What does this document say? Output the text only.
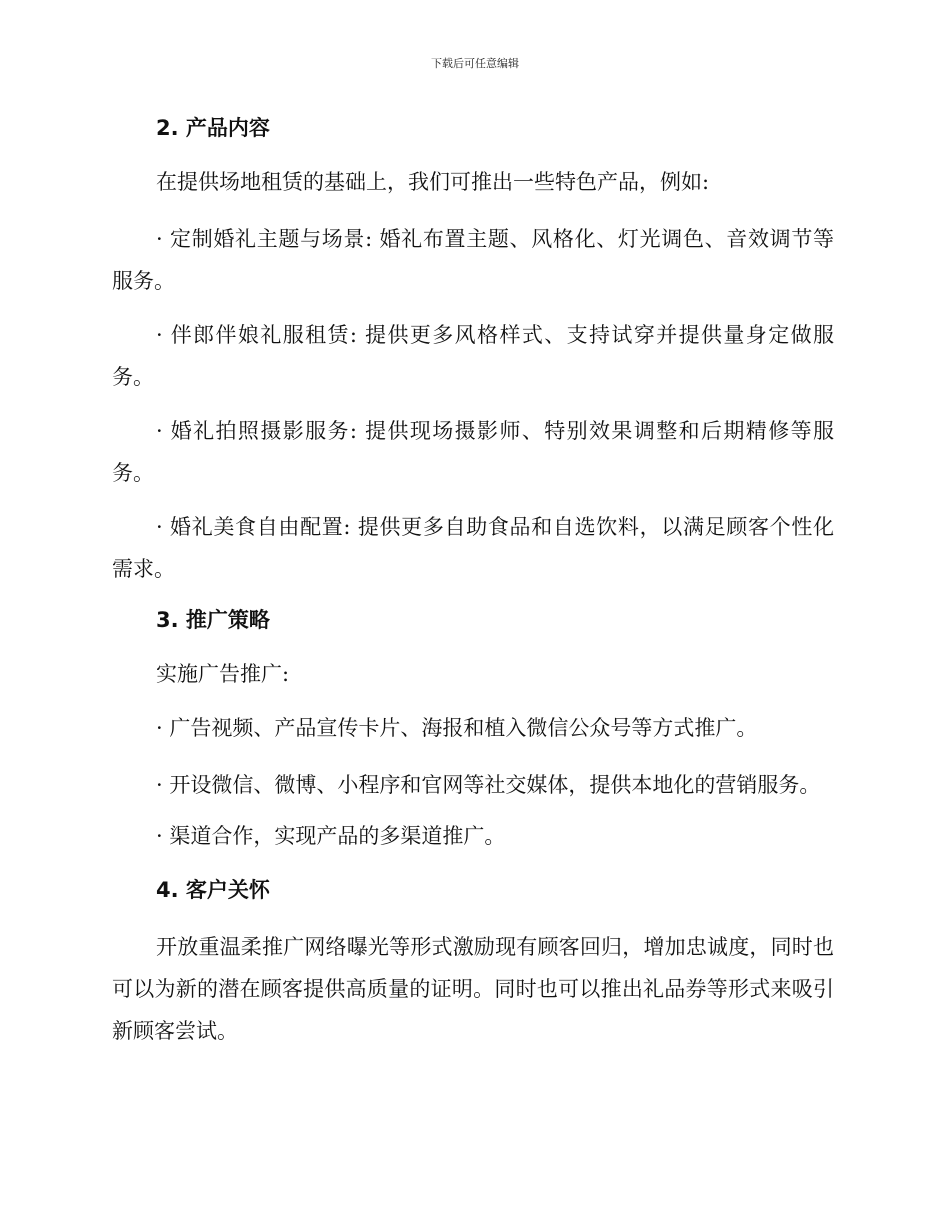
下载后可任意编辑
2. 产品内容

在提供场地租赁的基础上，我们可推出一些特色产品，例如:

· 定制婚礼主题与场景: 婚礼布置主题、风格化、灯光调色、音效调节等服务。

· 伴郎伴娘礼服租赁: 提供更多风格样式、支持试穿并提供量身定做服务。

· 婚礼拍照摄影服务: 提供现场摄影师、特别效果调整和后期精修等服务。

· 婚礼美食自由配置: 提供更多自助食品和自选饮料，以满足顾客个性化需求。

3. 推广策略

实施广告推广:

· 广告视频、产品宣传卡片、海报和植入微信公众号等方式推广。

· 开设微信、微博、小程序和官网等社交媒体，提供本地化的营销服务。

· 渠道合作，实现产品的多渠道推广。

4. 客户关怀

开放重温柔推广网络曝光等形式激励现有顾客回归，增加忠诚度，同时也可以为新的潜在顾客提供高质量的证明。同时也可以推出礼品券等形式来吸引新顾客尝试。
